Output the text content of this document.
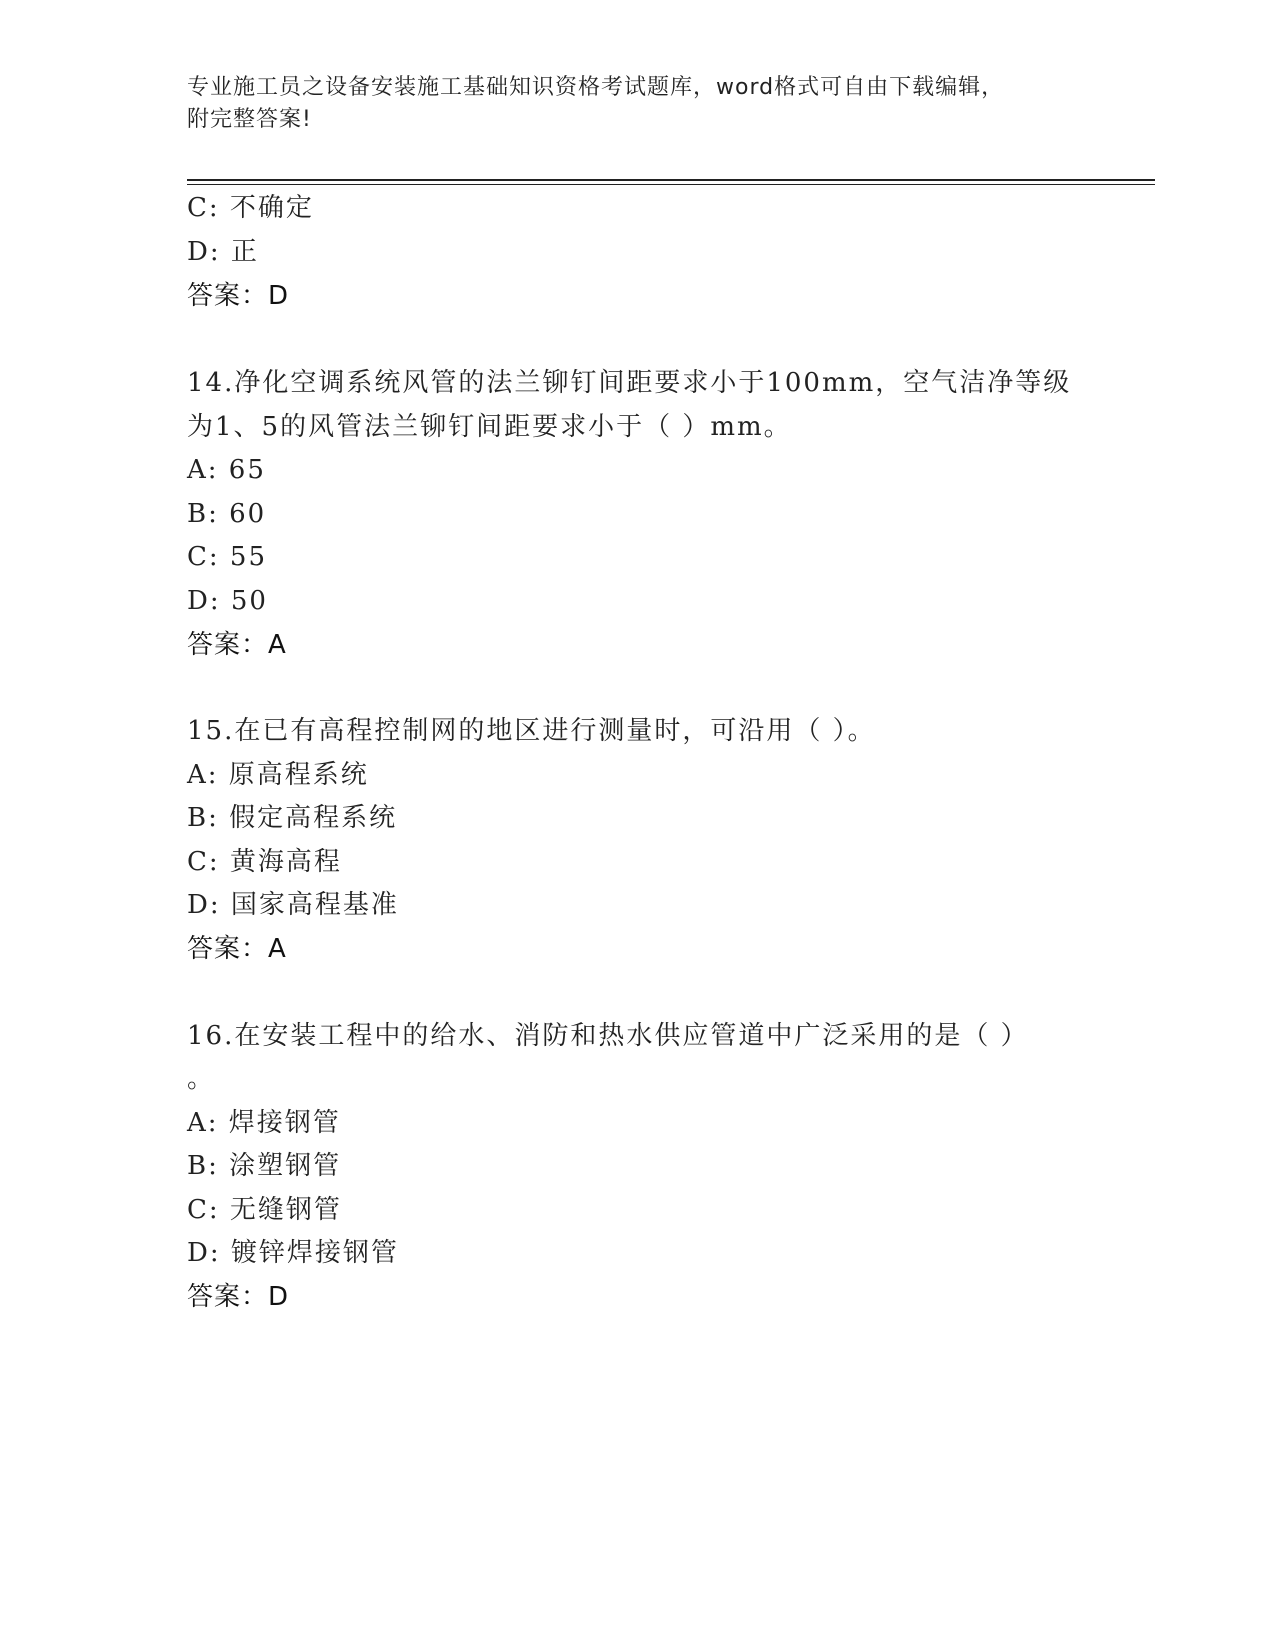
专业施工员之设备安装施工基础知识资格考试题库，word格式可自由下载编辑，
附完整答案!
C: 不确定
D: 正
答案：D
14.净化空调系统风管的法兰铆钉间距要求小于100mm，空气洁净等级
为1、5的风管法兰铆钉间距要求小于（ ）mm。
A: 65
B: 60
C: 55
D: 50
答案：A
15.在已有高程控制网的地区进行测量时，可沿用（ ）。
A: 原高程系统
B: 假定高程系统
C: 黄海高程
D: 国家高程基准
答案：A
16.在安装工程中的给水、消防和热水供应管道中广泛采用的是（ ）
。
A: 焊接钢管
B: 涂塑钢管
C: 无缝钢管
D: 镀锌焊接钢管
答案：D
